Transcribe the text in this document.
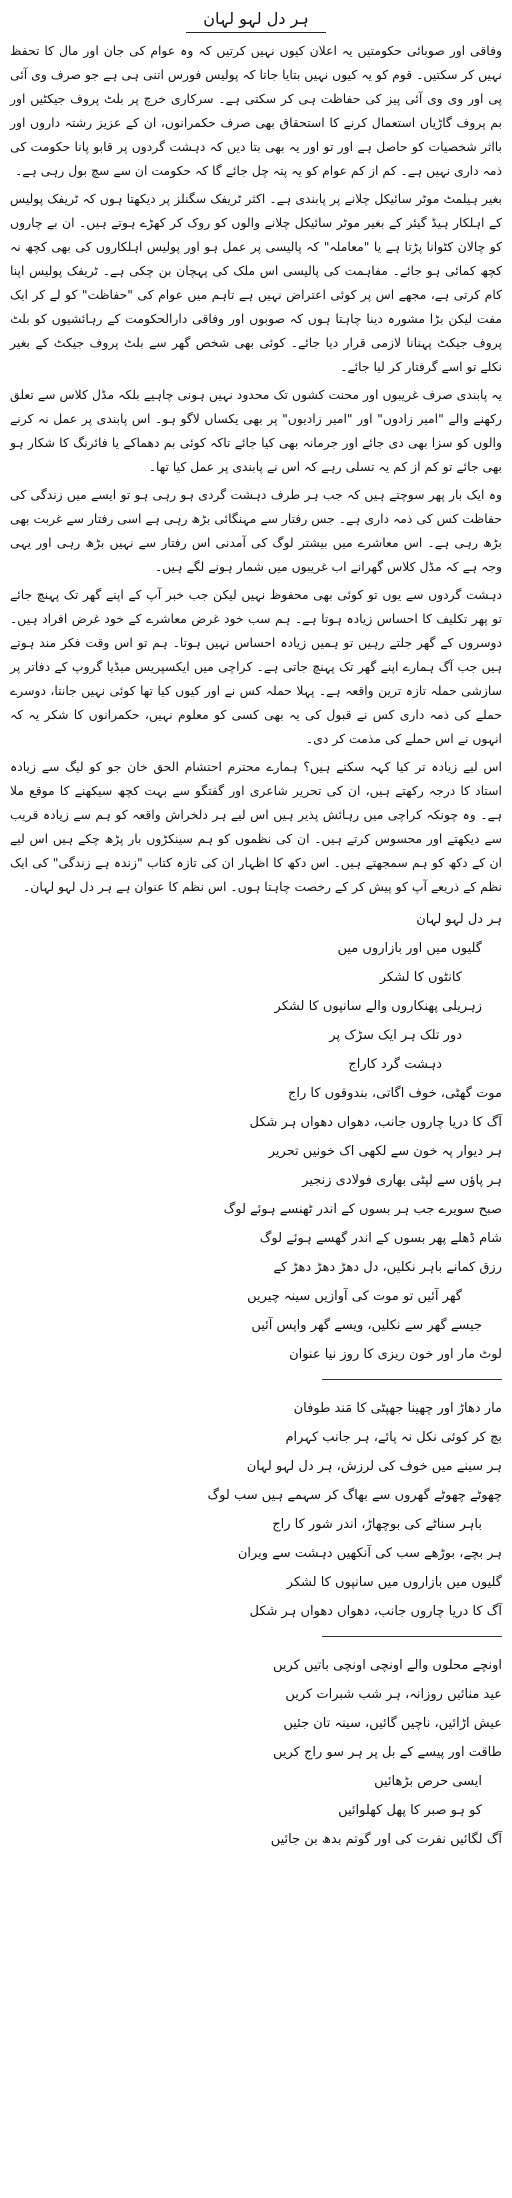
ہر دل لہو لہان

وفاقی اور صوبائی حکومتیں یہ اعلان کیوں نہیں کرتیں کہ وہ عوام کی جان اور مال کا تحفظ نہیں کر سکتیں۔ قوم کو یہ کیوں نہیں بتایا جاتا کہ پولیس فورس اتنی ہی ہے جو صرف وی آئی پی اور وی وی آئی پیز کی حفاظت ہی کر سکتی ہے۔ سرکاری خرچ پر بلٹ پروف جیکٹیں اور بم پروف گاڑیاں استعمال کرنے کا استحقاق بھی صرف حکمرانوں، ان کے عزیز رشتہ داروں اور بااثر شخصیات کو حاصل ہے اور تو اور یہ بھی بتا دیں کہ دہشت گردوں پر قابو پانا حکومت کی ذمہ داری نہیں ہے۔ کم از کم عوام کو یہ پتہ چل جائے گا کہ حکومت ان سے سچ بول رہی ہے۔

بغیر ہیلمٹ موٹر سائیکل چلانے پر پابندی ہے۔ اکثر ٹریفک سگنلز پر دیکھتا ہوں کہ ٹریفک پولیس کے اہلکار ہیڈ گیئر کے بغیر موٹر سائیکل چلانے والوں کو روک کر کھڑے ہوتے ہیں۔ ان بے چاروں کو چالان کٹوانا پڑتا ہے یا "معاملہ" کہ پالیسی پر عمل ہو اور پولیس اہلکاروں کی بھی کچھ نہ کچھ کمائی ہو جائے۔ مفاہمت کی پالیسی اس ملک کی پہچان بن چکی ہے۔ ٹریفک پولیس اپنا کام کرتی ہے، مجھے اس پر کوئی اعتراض نہیں ہے تاہم میں عوام کی "حفاظت" کو لے کر ایک مفت لیکن بڑا مشورہ دینا چاہتا ہوں کہ صوبوں اور وفاقی دارالحکومت کے رہائشیوں کو بلٹ پروف جیکٹ پہنانا لازمی قرار دیا جائے۔ کوئی بھی شخص گھر سے بلٹ پروف جیکٹ کے بغیر نکلے تو اسے گرفتار کر لیا جائے۔

یہ پابندی صرف غریبوں اور محنت کشوں تک محدود نہیں ہونی چاہیے بلکہ مڈل کلاس سے تعلق رکھنے والے "امیر زادوں" اور "امیر زادیوں" پر بھی یکساں لاگو ہو۔ اس پابندی پر عمل نہ کرنے والوں کو سزا بھی دی جائے اور جرمانہ بھی کیا جائے تاکہ کوئی بم دھماکے یا فائرنگ کا شکار ہو بھی جائے تو کم از کم یہ تسلی رہے کہ اس نے پابندی پر عمل کیا تھا۔

وہ ایک بار پھر سوچتے ہیں کہ جب ہر طرف دہشت گردی ہو رہی ہو تو ایسے میں زندگی کی حفاظت کس کی ذمہ داری ہے۔ جس رفتار سے مہنگائی بڑھ رہی ہے اسی رفتار سے غربت بھی بڑھ رہی ہے۔ اس معاشرے میں بیشتر لوگ کی آمدنی اس رفتار سے نہیں بڑھ رہی اور یہی وجہ ہے کہ مڈل کلاس گھرانے اب غریبوں میں شمار ہونے لگے ہیں۔

دہشت گردوں سے یوں تو کوئی بھی محفوظ نہیں لیکن جب خبر آپ کے اپنے گھر تک پہنچ جائے تو پھر تکلیف کا احساس زیادہ ہوتا ہے۔ ہم سب خود غرض معاشرے کے خود غرض افراد ہیں۔ دوسروں کے گھر جلتے رہیں تو ہمیں زیادہ احساس نہیں ہوتا۔ ہم تو اس وقت فکر مند ہوتے ہیں جب آگ ہمارے اپنے گھر تک پہنچ جاتی ہے۔ کراچی میں ایکسپریس میڈیا گروپ کے دفاتر پر سازشی حملہ تازہ ترین واقعہ ہے۔ پہلا حملہ کس نے اور کیوں کیا تھا کوئی نہیں جانتا، دوسرے حملے کی ذمہ داری کس نے قبول کی یہ بھی کسی کو معلوم نہیں، حکمرانوں کا شکر یہ کہ انہوں نے اس حملے کی مذمت کر دی۔

اس لیے زیادہ تر کیا کہہ سکتے ہیں؟ ہمارے محترم احتشام الحق خان جو کو لیگ سے زیادہ استاد کا درجہ رکھتے ہیں، ان کی تحریر شاعری اور گفتگو سے بہت کچھ سیکھنے کا موقع ملا ہے۔ وہ چونکہ کراچی میں رہائش پذیر ہیں اس لیے ہر دلخراش واقعہ کو ہم سے زیادہ قریب سے دیکھتے اور محسوس کرتے ہیں۔ ان کی نظموں کو ہم سینکڑوں بار پڑھ چکے ہیں اس لیے ان کے دکھ کو ہم سمجھتے ہیں۔ اس دکھ کا اظہار ان کی تازہ کتاب "زندہ ہے زندگی" کی ایک نظم کے ذریعے آپ کو پیش کر کے رخصت چاہتا ہوں۔ اس نظم کا عنوان ہے ہر دل لہو لہان۔

ہر دل لہو لہان
گلیوں میں اور بازاروں میں
کانٹوں کا لشکر
زہریلی پھنکاروں والے سانپوں کا لشکر
دور تلک ہر ایک سڑک پر
دہشت گرد کاراج
موت گھٹی، خوف اگاتی، بندوقوں کا راج
آگ کا دریا چاروں جانب، دھواں دھواں ہر شکل
ہر دیوار پہ خون سے لکھی اک خونیں تحریر
ہر پاؤں سے لپٹی بھاری فولادی زنجیر
صبح سویرے جب ہر بسوں کے اندر ٹھنسے ہوئے لوگ
شام ڈھلے پھر بسوں کے اندر گھسے ہوئے لوگ
رزق کمانے باہر نکلیں، دل دھڑ دھڑ دھڑ کے
گھر آئیں تو موت کی آوازیں سینہ چیریں
جیسے گھر سے نکلیں، ویسے گھر واپس آئیں
لوٹ مار اور خون ریزی کا روز نیا عنوان
مار دھاڑ اور چھینا جھپٹی کا مَند طوفان
بچ کر کوئی نکل نہ پائے، ہر جانب کہرام
ہر سینے میں خوف کی لرزش، ہر دل لہو لہان
چھوٹے چھوٹے گھروں سے بھاگ کر سہمے ہیں سب لوگ
باہر سناٹے کی بوچھاڑ، اندر شور کا راج
ہر بچے، بوڑھے سب کی آنکھیں دہشت سے ویران
گلیوں میں بازاروں میں سانپوں کا لشکر
آگ کا دریا چاروں جانب، دھواں دھواں ہر شکل
اونچے محلوں والے اونچی اونچی باتیں کریں
عید منائیں روزانہ، ہر شب شبرات کریں
عیش اڑائیں، ناچیں گائیں، سینہ تان جئیں
طاقت اور پیسے کے بل پر ہر سو راج کریں
ایسی حرص بڑھائیں
کو ہو صبر کا پھل کھلوائیں
آگ لگائیں نفرت کی اور گوتم بدھ بن جائیں
